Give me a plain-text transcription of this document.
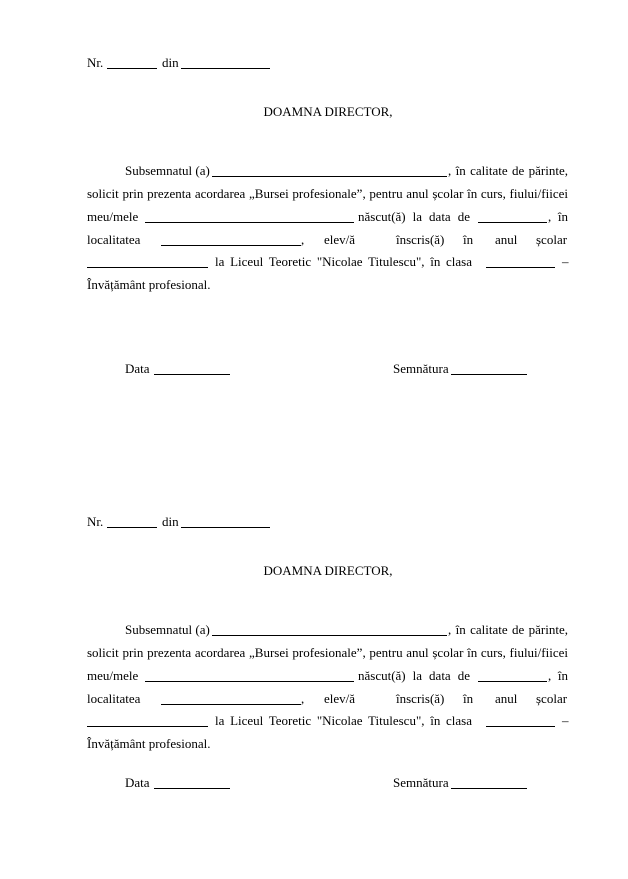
Nr.	din
DOAMNA DIRECTOR,
Subsemnatul (a)	, în calitate de părinte,
solicit prin prezenta acordarea „Bursei profesionale”, pentru anul școlar în curs, fiului/fiicei
meu/mele	născut(ă) la data de	, în
localitatea	, elev/ă	înscris(ă) în anul școlar
la Liceul Teoretic "Nicolae Titulescu", în clasa	–
Învățământ profesional.
Data	Semnătura
Nr.	din
DOAMNA DIRECTOR,
Subsemnatul (a)	, în calitate de părinte,
solicit prin prezenta acordarea „Bursei profesionale”, pentru anul școlar în curs, fiului/fiicei
meu/mele	născut(ă) la data de	, în
localitatea	, elev/ă	înscris(ă) în anul școlar
la Liceul Teoretic "Nicolae Titulescu", în clasa	–
Învățământ profesional.
Data	Semnătura
